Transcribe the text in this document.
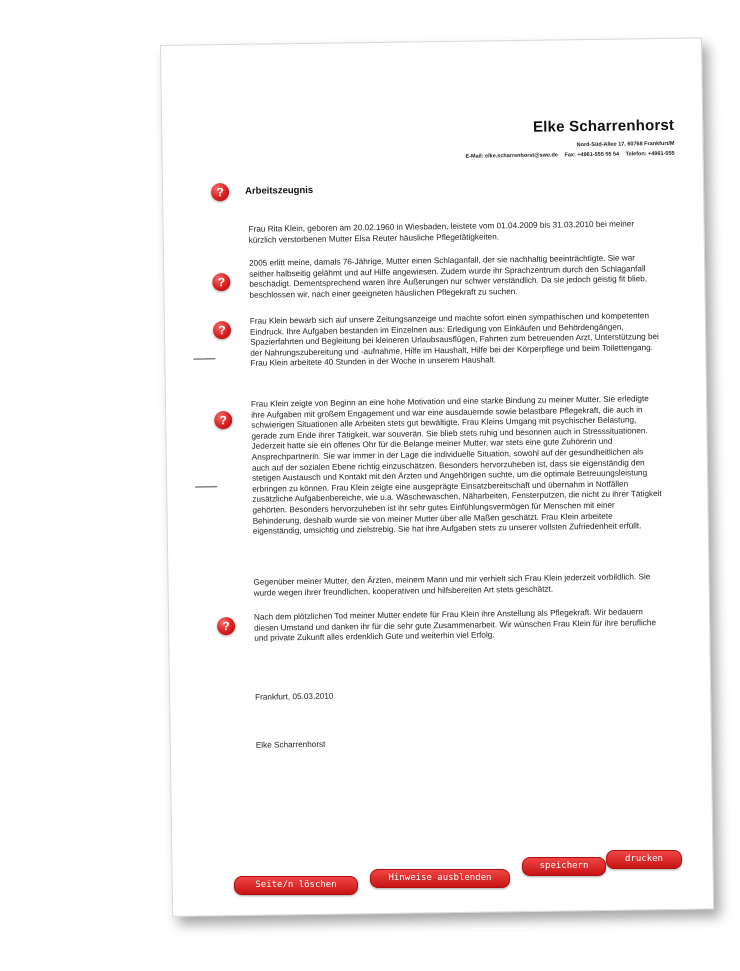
Elke Scharrenhorst
Nord-Süd-Allee 17, 60768 Frankfurt/M
E-Mail: elke.scharrenhorst@swe.de Fax: +4961-555 55 54 Telefon: +4961-555
?	Arbeitszeugnis
Frau Rita Klein, geboren am 20.02.1960 in Wiesbaden, leistete vom 01.04.2009 bis 31.03.2010 bei meiner kürzlich verstorbenen Mutter Elsa Reuter häusliche Pflegetätigkeiten.
?
2005 erlitt meine, damals 76-Jährige, Mutter einen Schlaganfall, der sie nachhaltig beeinträchtigte. Sie war seither halbseitig gelähmt und auf Hilfe angewiesen. Zudem wurde ihr Sprachzentrum durch den Schlaganfall beschädigt. Dementsprechend waren ihre Äußerungen nur schwer verständlich. Da sie jedoch geistig fit blieb, beschlossen wir, nach einer geeigneten häuslichen Pflegekraft zu suchen.
?
Frau Klein bewarb sich auf unsere Zeitungsanzeige und machte sofort einen sympathischen und kompetenten Eindruck. Ihre Aufgaben bestanden im Einzelnen aus: Erledigung von Einkäufen und Behördengängen, Spazierfahrten und Begleitung bei kleineren Urlaubsausflügen, Fahrten zum betreuenden Arzt, Unterstützung bei der Nahrungszubereitung und -aufnahme, Hilfe im Haushalt, Hilfe bei der Körperpflege und beim Toilettengang. Frau Klein arbeitete 40 Stunden in der Woche in unserem Haushalt.
?
Frau Klein zeigte von Beginn an eine hohe Motivation und eine starke Bindung zu meiner Mutter. Sie erledigte ihre Aufgaben mit großem Engagement und war eine ausdauernde sowie belastbare Pflegekraft, die auch in schwierigen Situationen alle Arbeiten stets gut bewältigte. Frau Kleins Umgang mit psychischer Belastung, gerade zum Ende ihrer Tätigkeit, war souverän. Sie blieb stets ruhig und besonnen auch in Stresssituationen. Jederzeit hatte sie ein offenes Ohr für die Belange meiner Mutter, war stets eine gute Zuhörerin und Ansprechpartnerin. Sie war immer in der Lage die individuelle Situation, sowohl auf der gesundheitlichen als auch auf der sozialen Ebene richtig einzuschätzen. Besonders hervorzuheben ist, dass sie eigenständig den stetigen Austausch und Kontakt mit den Ärzten und Angehörigen suchte, um die optimale Betreuungsleistung erbringen zu können. Frau Klein zeigte eine ausgeprägte Einsatzbereitschaft und übernahm in Notfällen zusätzliche Aufgabenbereiche, wie u.a. Wäschewaschen, Näharbeiten, Fensterputzen, die nicht zu ihrer Tätigkeit gehörten. Besonders hervorzuheben ist ihr sehr gutes Einfühlungsvermögen für Menschen mit einer Behinderung, deshalb wurde sie von meiner Mutter über alle Maßen geschätzt. Frau Klein arbeitete eigenständig, umsichtig und zielstrebig. Sie hat ihre Aufgaben stets zu unserer vollsten Zufriedenheit erfüllt.
Gegenüber meiner Mutter, den Ärzten, meinem Mann und mir verhielt sich Frau Klein jederzeit vorbildlich. Sie wurde wegen ihrer freundlichen, kooperativen und hilfsbereiten Art stets geschätzt.
?
Nach dem plötzlichen Tod meiner Mutter endete für Frau Klein ihre Anstellung als Pflegekraft. Wir bedauern diesen Umstand und danken ihr für die sehr gute Zusammenarbeit. Wir wünschen Frau Klein für ihre berufliche und private Zukunft alles erdenklich Gute und weiterhin viel Erfolg.
Frankfurt, 05.03.2010
Elke Scharrenhorst
Seite/n löschen
Hinweise ausblenden
speichern
drucken
